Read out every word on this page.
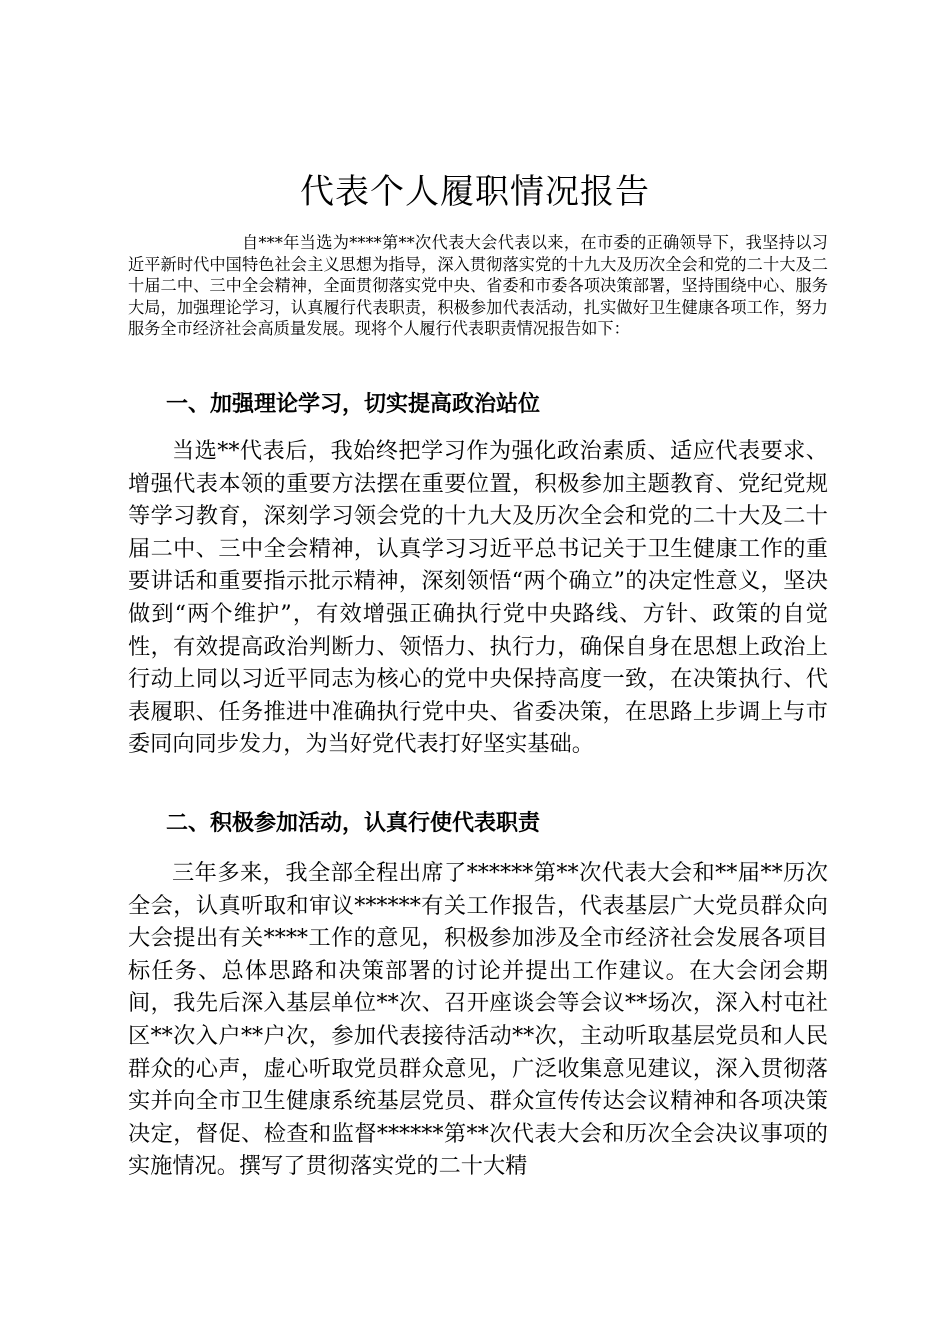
代表个人履职情况报告
自***年当选为****第**次代表大会代表以来，在市委的正确领导下，我坚持以习近平新时代中国特色社会主义思想为指导，深入贯彻落实党的十九大及历次全会和党的二十大及二十届二中、三中全会精神，全面贯彻落实党中央、省委和市委各项决策部署，坚持围绕中心、服务大局，加强理论学习，认真履行代表职责，积极参加代表活动，扎实做好卫生健康各项工作，努力服务全市经济社会高质量发展。现将个人履行代表职责情况报告如下：
一、加强理论学习，切实提高政治站位
当选**代表后，我始终把学习作为强化政治素质、适应代表要求、增强代表本领的重要方法摆在重要位置，积极参加主题教育、党纪党规等学习教育，深刻学习领会党的十九大及历次全会和党的二十大及二十届二中、三中全会精神，认真学习习近平总书记关于卫生健康工作的重要讲话和重要指示批示精神，深刻领悟“两个确立”的决定性意义，坚决做到“两个维护”，有效增强正确执行党中央路线、方针、政策的自觉性，有效提高政治判断力、领悟力、执行力，确保自身在思想上政治上行动上同以习近平同志为核心的党中央保持高度一致，在决策执行、代表履职、任务推进中准确执行党中央、省委决策，在思路上步调上与市委同向同步发力，为当好党代表打好坚实基础。
二、积极参加活动，认真行使代表职责
三年多来，我全部全程出席了******第**次代表大会和**届**历次全会，认真听取和审议******有关工作报告，代表基层广大党员群众向大会提出有关****工作的意见，积极参加涉及全市经济社会发展各项目标任务、总体思路和决策部署的讨论并提出工作建议。在大会闭会期间，我先后深入基层单位**次、召开座谈会等会议**场次，深入村屯社区**次入户**户次，参加代表接待活动**次，主动听取基层党员和人民群众的心声，虚心听取党员群众意见，广泛收集意见建议，深入贯彻落实并向全市卫生健康系统基层党员、群众宣传传达会议精神和各项决策决定，督促、检查和监督******第**次代表大会和历次全会决议事项的实施情况。撰写了贯彻落实党的二十大精
